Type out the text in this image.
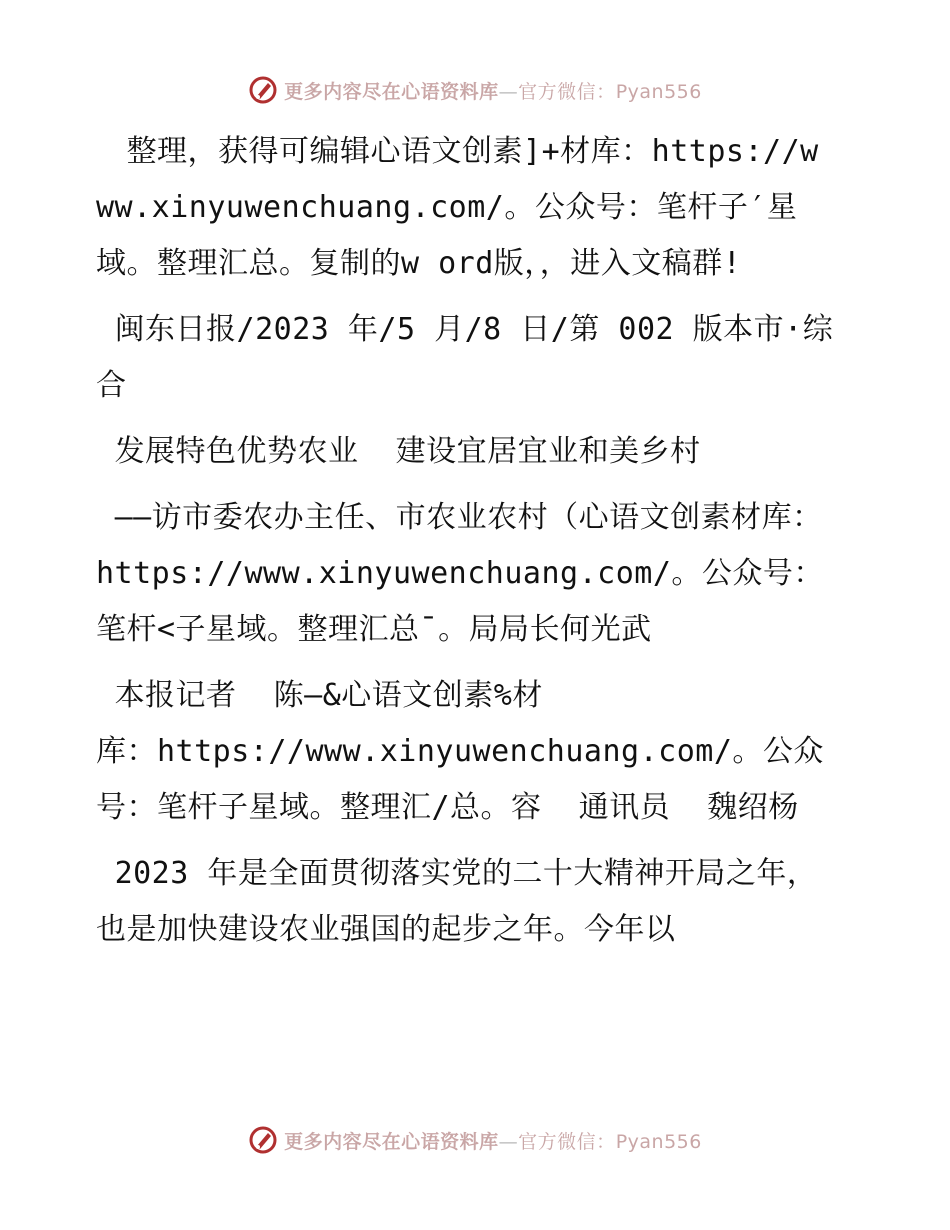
更多内容尽在心语资料库—官方微信：Pyan556

整理，获得可编辑心语文创素]+材库：https://www.xinyuwenchuang.com/。公众号：笔杆子′星域。整理汇总。复制的w ord版，，进入文稿群!

闽东日报/2023 年/5 月/8 日/第 002 版本市·综合

发展特色优势农业  建设宜居宜业和美乡村

——访市委农办主任、市农业农村（心语文创素材库：https://www.xinyuwenchuang.com/。公众号：笔杆<子星域。整理汇总¯。局局长何光武

本报记者  陈—&心语文创素%材
库：https://www.xinyuwenchuang.com/。公众号：笔杆子星域。整理汇/总。容  通讯员  魏绍杨

2023 年是全面贯彻落实党的二十大精神开局之年，也是加快建设农业强国的起步之年。今年以

更多内容尽在心语资料库—官方微信：Pyan556
